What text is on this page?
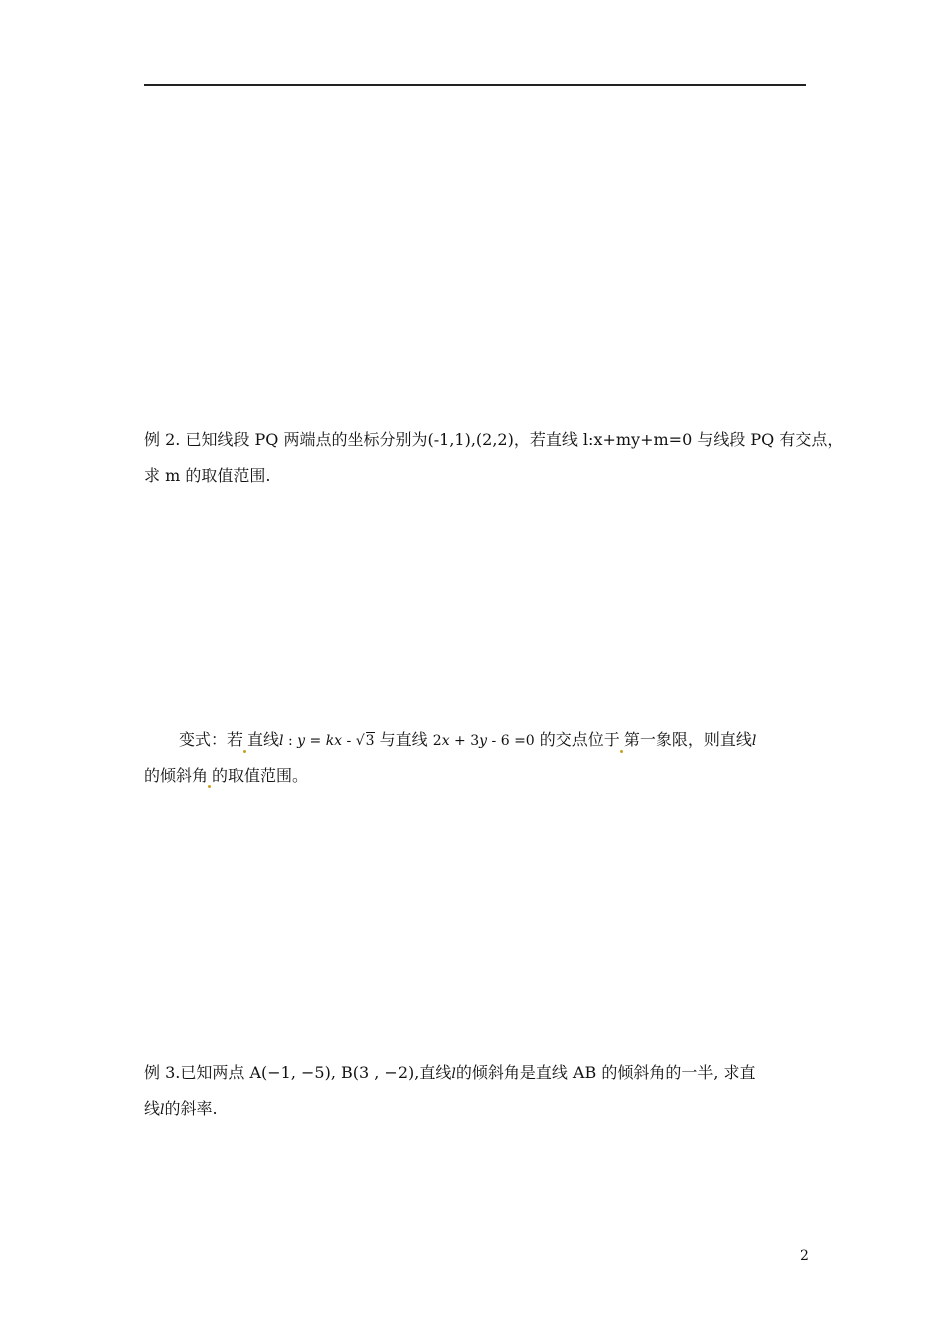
例 2. 已知线段 PQ 两端点的坐标分别为(-1,1),(2,2)，若直线 l:x+my+m=0 与线段 PQ 有交点，
求 m 的取值范围.
变式：若 直线l : y = kx - √3 与直线 2x + 3y - 6 =0 的交点位于 第一象限，则直线l
的倾斜角 的取值范围。
例 3.已知两点 A(−1, −5), B(3 , −2),直线l的倾斜角是直线 AB 的倾斜角的一半, 求直
线l的斜率.
2
